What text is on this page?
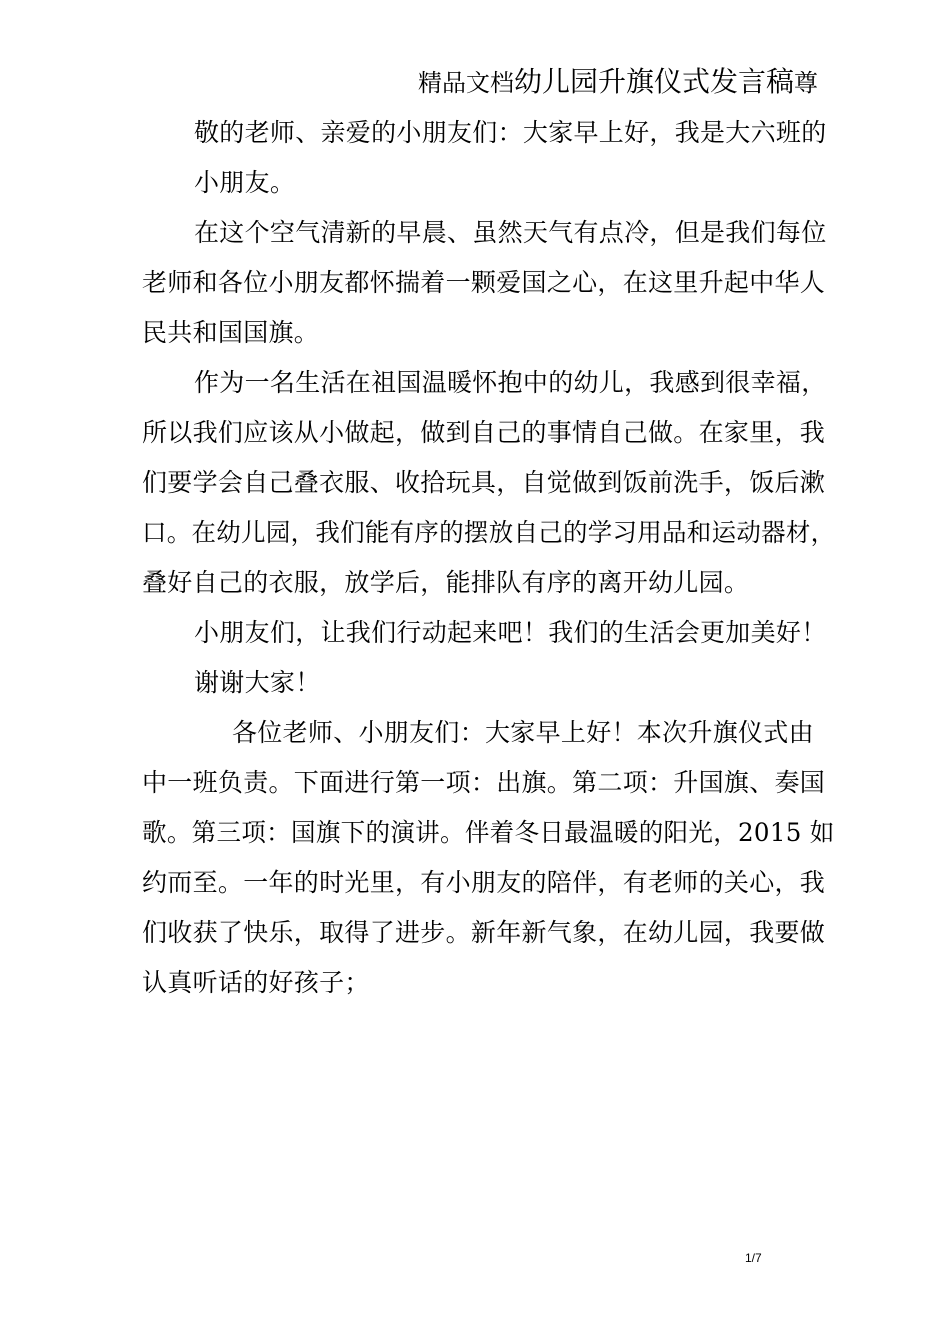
精品文档幼儿园升旗仪式发言稿尊
敬的老师、亲爱的小朋友们：大家早上好，我是大六班的
小朋友。
在这个空气清新的早晨、虽然天气有点冷，但是我们每位
老师和各位小朋友都怀揣着一颗爱国之心，在这里升起中华人
民共和国国旗。
作为一名生活在祖国温暖怀抱中的幼儿，我感到很幸福，
所以我们应该从小做起，做到自己的事情自己做。在家里，我
们要学会自己叠衣服、收拾玩具，自觉做到饭前洗手，饭后漱
口。在幼儿园，我们能有序的摆放自己的学习用品和运动器材，
叠好自己的衣服，放学后，能排队有序的离开幼儿园。
小朋友们，让我们行动起来吧！我们的生活会更加美好！
谢谢大家！
各位老师、小朋友们：大家早上好！本次升旗仪式由
中一班负责。下面进行第一项：出旗。第二项：升国旗、奏国
歌。第三项：国旗下的演讲。伴着冬日最温暖的阳光，2015 如
约而至。一年的时光里，有小朋友的陪伴，有老师的关心，我
们收获了快乐，取得了进步。新年新气象，在幼儿园，我要做
认真听话的好孩子；
1/7
